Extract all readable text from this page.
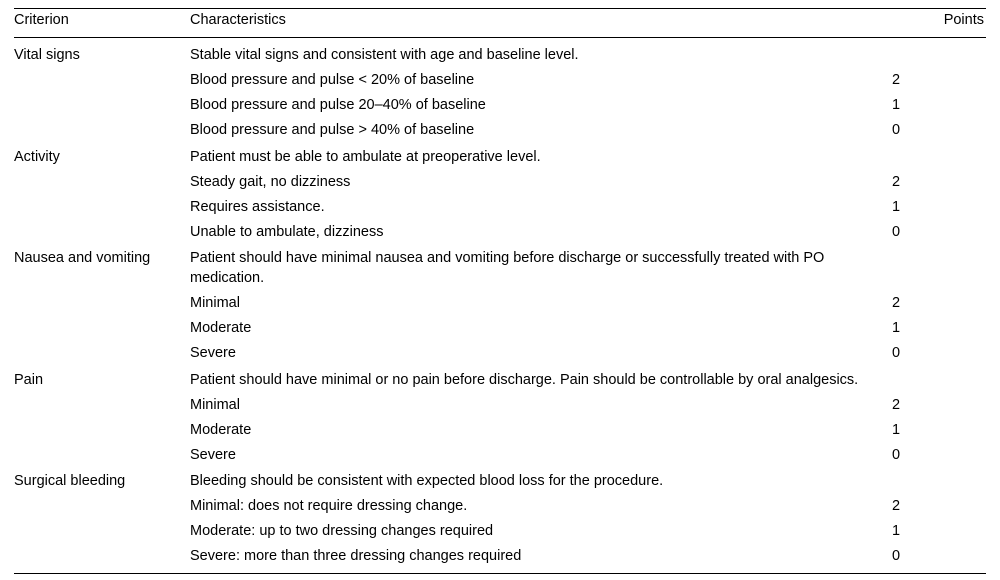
Criterion	Characteristics	Points
Vital signs	Stable vital signs and consistent with age and baseline level.	
	Blood pressure and pulse < 20% of baseline	2
	Blood pressure and pulse 20–40% of baseline	1
	Blood pressure and pulse > 40% of baseline	0
Activity	Patient must be able to ambulate at preoperative level.	
	Steady gait, no dizziness	2
	Requires assistance.	1
	Unable to ambulate, dizziness	0
Nausea and vomiting	Patient should have minimal nausea and vomiting before discharge or successfully treated with PO medication.	
	Minimal	2
	Moderate	1
	Severe	0
Pain	Patient should have minimal or no pain before discharge. Pain should be controllable by oral analgesics.	
	Minimal	2
	Moderate	1
	Severe	0
Surgical bleeding	Bleeding should be consistent with expected blood loss for the procedure.	
	Minimal: does not require dressing change.	2
	Moderate: up to two dressing changes required	1
	Severe: more than three dressing changes required	0
